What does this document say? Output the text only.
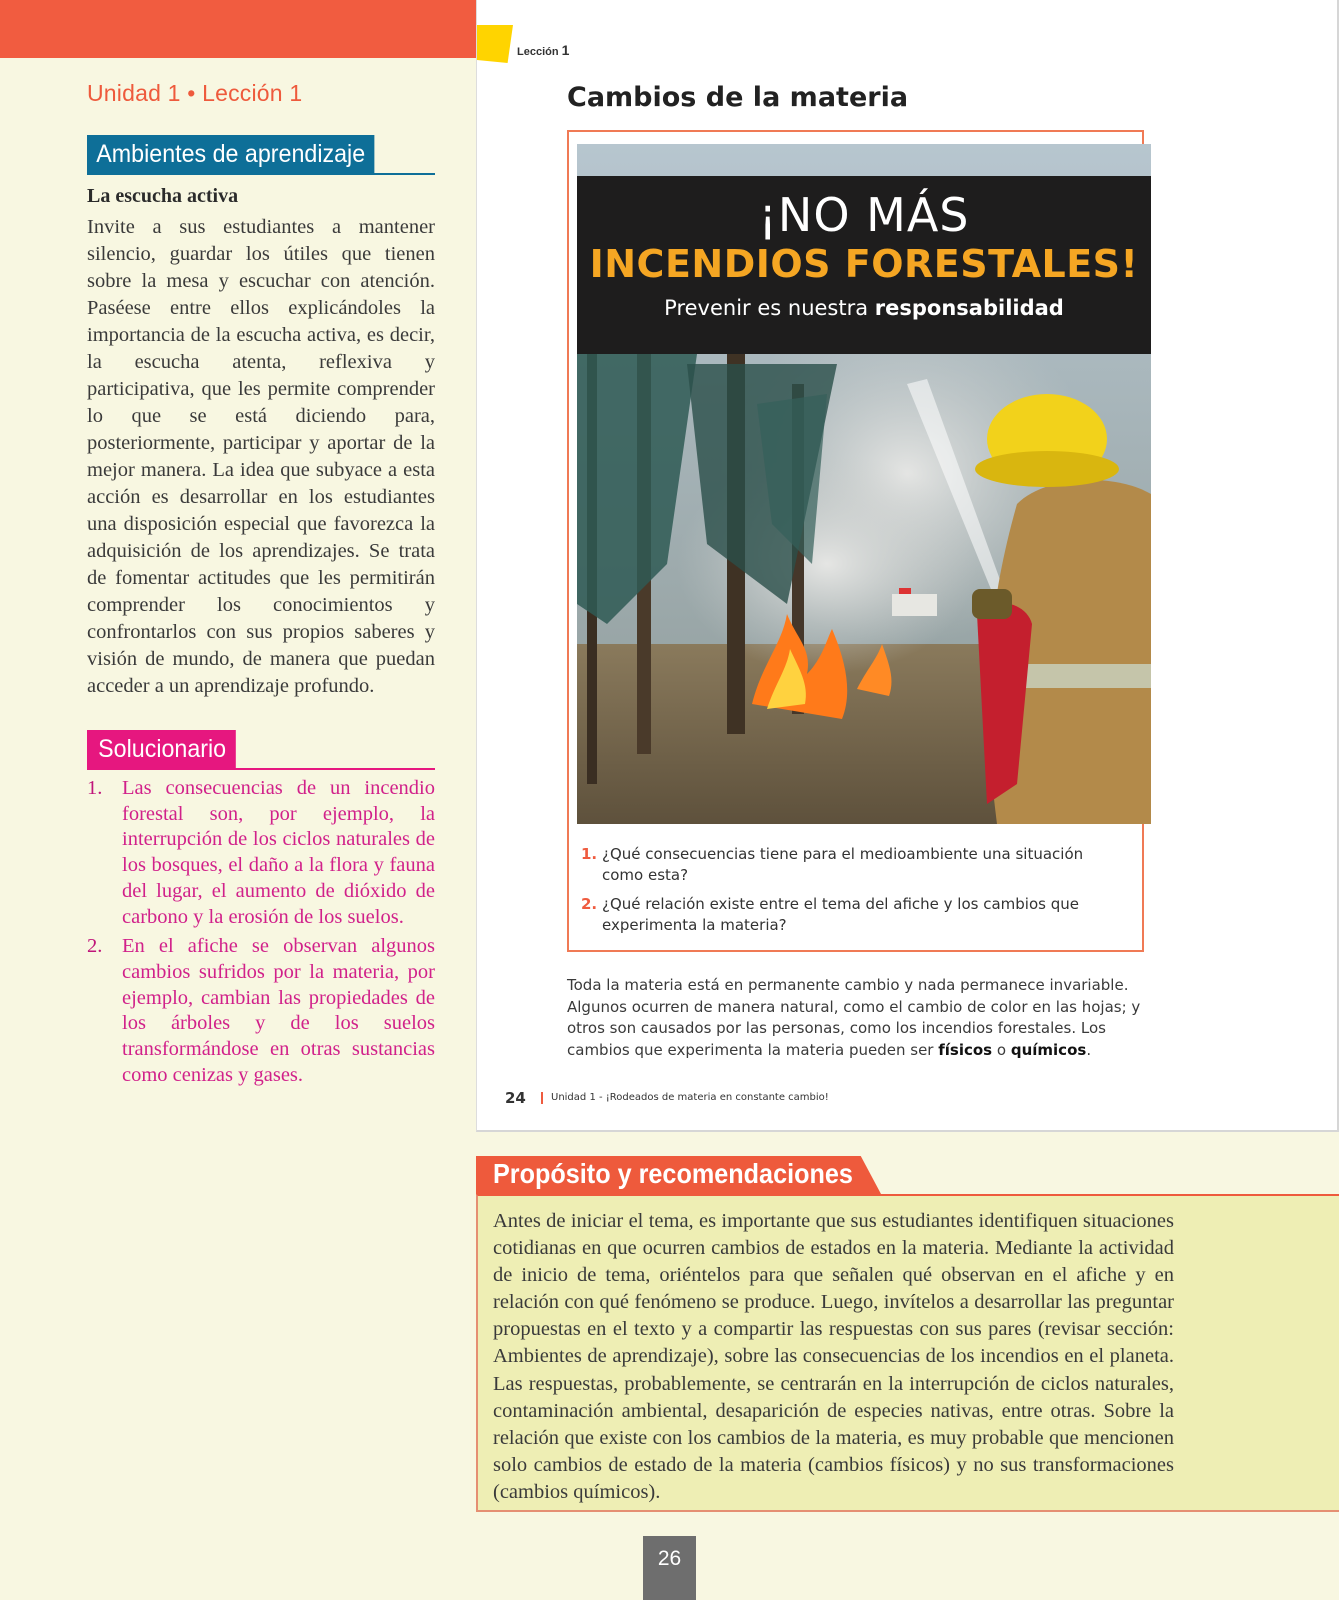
Unidad 1 • Lección 1
Ambientes de aprendizaje
La escucha activa

Invite a sus estudiantes a mantener silencio, guardar los útiles que tienen sobre la mesa y escuchar con atención. Paséese entre ellos explicándoles la importancia de la escucha activa, es decir, la escucha atenta, reflexiva y participativa, que les permite comprender lo que se está diciendo para, posteriormente, participar y aportar de la mejor manera. La idea que subyace a esta acción es desarrollar en los estudiantes una disposición especial que favorezca la adquisición de los aprendizajes. Se trata de fomentar actitudes que les permitirán comprender los conocimientos y confrontarlos con sus propios saberes y visión de mundo, de manera que puedan acceder a un aprendizaje profundo.

Solucionario
1. Las consecuencias de un incendio forestal son, por ejemplo, la interrupción de los ciclos naturales de los bosques, el daño a la flora y fauna del lugar, el aumento de dióxido de carbono y la erosión de los suelos.
2. En el afiche se observan algunos cambios sufridos por la materia, por ejemplo, cambian las propiedades de los árboles y de los suelos transformándose en otras sustancias como cenizas y gases.
Lección 1
Cambios de la materia
¡NO MÁS
INCENDIOS FORESTALES!
Prevenir es nuestra responsabilidad
1. ¿Qué consecuencias tiene para el medioambiente una situación como esta?
2. ¿Qué relación existe entre el tema del afiche y los cambios que experimenta la materia?

Toda la materia está en permanente cambio y nada permanece invariable. Algunos ocurren de manera natural, como el cambio de color en las hojas; y otros son causados por las personas, como los incendios forestales. Los cambios que experimenta la materia pueden ser físicos o químicos.

24	Unidad 1 - ¡Rodeados de materia en constante cambio!
Propósito y recomendaciones

Antes de iniciar el tema, es importante que sus estudiantes identifiquen situaciones cotidianas en que ocurren cambios de estados en la materia. Mediante la actividad de inicio de tema, oriéntelos para que señalen qué observan en el afiche y en relación con qué fenómeno se produce. Luego, invítelos a desarrollar las preguntar propuestas en el texto y a compartir las respuestas con sus pares (revisar sección: Ambientes de aprendizaje), sobre las consecuencias de los incendios en el planeta. Las respuestas, probablemente, se centrarán en la interrupción de ciclos naturales, contaminación ambiental, desaparición de especies nativas, entre otras. Sobre la relación que existe con los cambios de la materia, es muy probable que mencionen solo cambios de estado de la materia (cambios físicos) y no sus transformaciones (cambios químicos).

26
